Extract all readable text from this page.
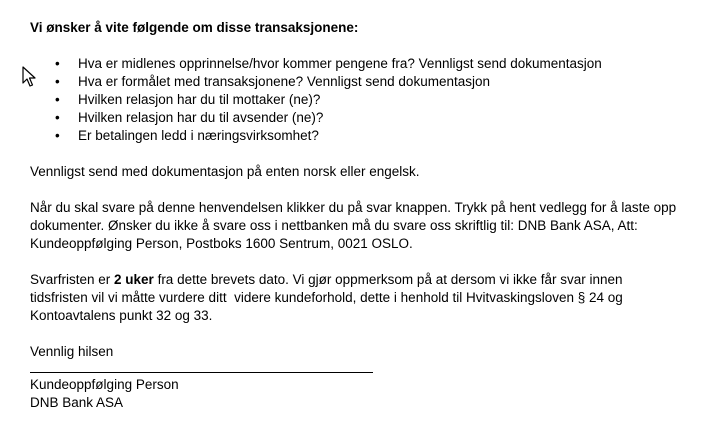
Vi ønsker å vite følgende om disse transaksjonene:
• Hva er midlenes opprinnelse/hvor kommer pengene fra? Vennligst send dokumentasjon
• Hva er formålet med transaksjonene? Vennligst send dokumentasjon
• Hvilken relasjon har du til mottaker (ne)?
• Hvilken relasjon har du til avsender (ne)?
• Er betalingen ledd i næringsvirksomhet?

Vennligst send med dokumentasjon på enten norsk eller engelsk.

Når du skal svare på denne henvendelsen klikker du på svar knappen. Trykk på hent vedlegg for å laste opp
dokumenter. Ønsker du ikke å svare oss i nettbanken må du svare oss skriftlig til: DNB Bank ASA, Att:
Kundeoppfølging Person, Postboks 1600 Sentrum, 0021 OSLO.

Svarfristen er 2 uker fra dette brevets dato. Vi gjør oppmerksom på at dersom vi ikke får svar innen
tidsfristen vil vi måtte vurdere ditt  videre kundeforhold, dette i henhold til Hvitvaskingsloven § 24 og
Kontoavtalens punkt 32 og 33.

Vennlig hilsen
Kundeoppfølging Person
DNB Bank ASA
